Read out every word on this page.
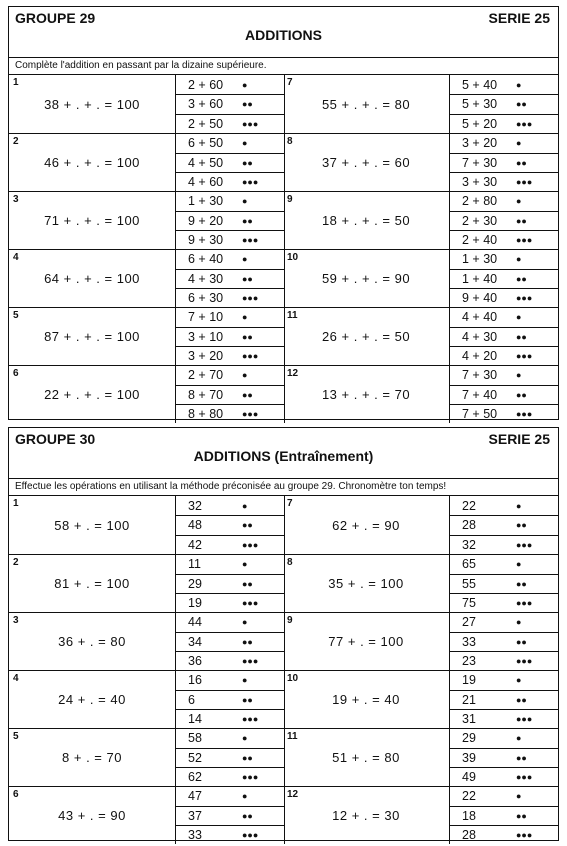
GROUPE 29	SERIE 25
ADDITIONS
Complète l'addition en passant par la dizaine supérieure.
1
38 + . + . = 100
2 + 60 ●
3 + 60 ●●
2 + 50 ●●●
2
46 + . + . = 100
6 + 50 ●
4 + 50 ●●
4 + 60 ●●●
3
71 + . + . = 100
1 + 30 ●
9 + 20 ●●
9 + 30 ●●●
4
64 + . + . = 100
6 + 40 ●
4 + 30 ●●
6 + 30 ●●●
5
87 + . + . = 100
7 + 10 ●
3 + 10 ●●
3 + 20 ●●●
6
22 + . + . = 100
2 + 70 ●
8 + 70 ●●
8 + 80 ●●●
7
55 + . + . = 80
5 + 40 ●
5 + 30 ●●
5 + 20 ●●●
8
37 + . + . = 60
3 + 20 ●
7 + 30 ●●
3 + 30 ●●●
9
18 + . + . = 50
2 + 80 ●
2 + 30 ●●
2 + 40 ●●●
10
59 + . + . = 90
1 + 30 ●
1 + 40 ●●
9 + 40 ●●●
11
26 + . + . = 50
4 + 40 ●
4 + 30 ●●
4 + 20 ●●●
12
13 + . + . = 70
7 + 30 ●
7 + 40 ●●
7 + 50 ●●●
GROUPE 30	SERIE 25
ADDITIONS (Entraînement)
Effectue les opérations en utilisant la méthode préconisée au groupe 29. Chronomètre ton temps!
1
58 + . = 100
32	●
48	●●
42	●●●
2
81 + . = 100
11	●
29	●●
19	●●●
3
36 + . = 80
44	●
34	●●
36	●●●
4
24 + . = 40
16	●
6	●●
14	●●●
5
8 + . = 70
58	●
52	●●
62	●●●
6
43 + . = 90
47	●
37	●●
33	●●●
7
62 + . = 90
22	●
28	●●
32	●●●
8
35 + . = 100
65	●
55	●●
75	●●●
9
77 + . = 100
27	●
33	●●
23	●●●
10
19 + . = 40
19	●
21	●●
31	●●●
11
51 + . = 80
29	●
39	●●
49	●●●
12
12 + . = 30
22	●
18	●●
28	●●●
